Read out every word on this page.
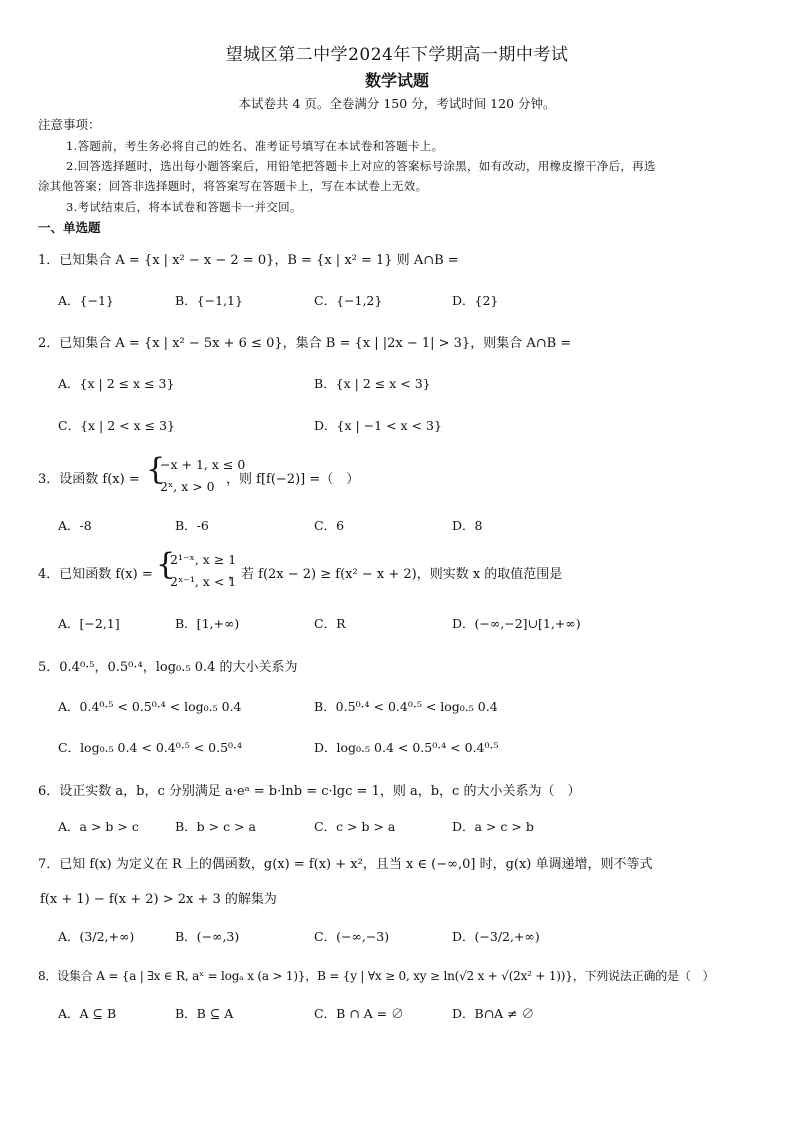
望城区第二中学2024年下学期高一期中考试
数学试题
本试卷共 4 页。全卷满分 150 分，考试时间 120 分钟。
注意事项：
1.答题前，考生务必将自己的姓名、准考证号填写在本试卷和答题卡上。
2.回答选择题时，选出每小题答案后，用铅笔把答题卡上对应的答案标号涂黑，如有改动，用橡皮擦干净后，再选
涂其他答案；回答非选择题时，将答案写在答题卡上，写在本试卷上无效。
3.考试结束后，将本试卷和答题卡一并交回。
一、单选题
1．已知集合 A = {x | x² − x − 2 = 0}，B = {x | x² = 1} 则 A∩B =
A．{−1}	B．{−1,1}	C．{−1,2}	D．{2}
2．已知集合 A = {x | x² − 5x + 6 ≤ 0}，集合 B = {x | |2x − 1| > 3}，则集合 A∩B =
A．{x | 2 ≤ x ≤ 3}	B．{x | 2 ≤ x < 3}
C．{x | 2 < x ≤ 3}	D．{x | −1 < x < 3}
3．设函数 f(x) = {
−x + 1, x ≤ 0
2ˣ, x > 0 ，则 f[f(−2)] =（　）
A．-8	B．-6	C．6	D．8
4．已知函数 f(x) = {
2¹⁻ˣ, x ≥ 1
2ˣ⁻¹, x < 1
，若 f(2x − 2) ≥ f(x² − x + 2)，则实数 x 的取值范围是
A．[−2,1]	B．[1,+∞)	C．R	D．(−∞,−2]∪[1,+∞)
5．0.4⁰·⁵，0.5⁰·⁴，log₀.₅ 0.4 的大小关系为
A．0.4⁰·⁵ < 0.5⁰·⁴ < log₀.₅ 0.4	B．0.5⁰·⁴ < 0.4⁰·⁵ < log₀.₅ 0.4
C．log₀.₅ 0.4 < 0.4⁰·⁵ < 0.5⁰·⁴	D．log₀.₅ 0.4 < 0.5⁰·⁴ < 0.4⁰·⁵
6．设正实数 a，b，c 分别满足 a·eᵃ = b·lnb = c·lgc = 1，则 a，b，c 的大小关系为（　）
A．a > b > c	B．b > c > a	C．c > b > a	D．a > c > b
7．已知 f(x) 为定义在 R 上的偶函数，g(x) = f(x) + x²，且当 x ∈ (−∞,0] 时，g(x) 单调递增，则不等式
f(x + 1) − f(x + 2) > 2x + 3 的解集为
A．(3/2,+∞)	B．(−∞,3)	C．(−∞,−3)	D．(−3/2,+∞)
8．设集合 A = {a | ∃x ∈ R, aˣ = logₐ x (a > 1)}，B = {y | ∀x ≥ 0, xy ≥ ln(√2 x + √(2x² + 1))}，下列说法正确的是（　）
A．A ⊆ B	B．B ⊆ A	C．B ∩ A = ∅	D．B∩A ≠ ∅
